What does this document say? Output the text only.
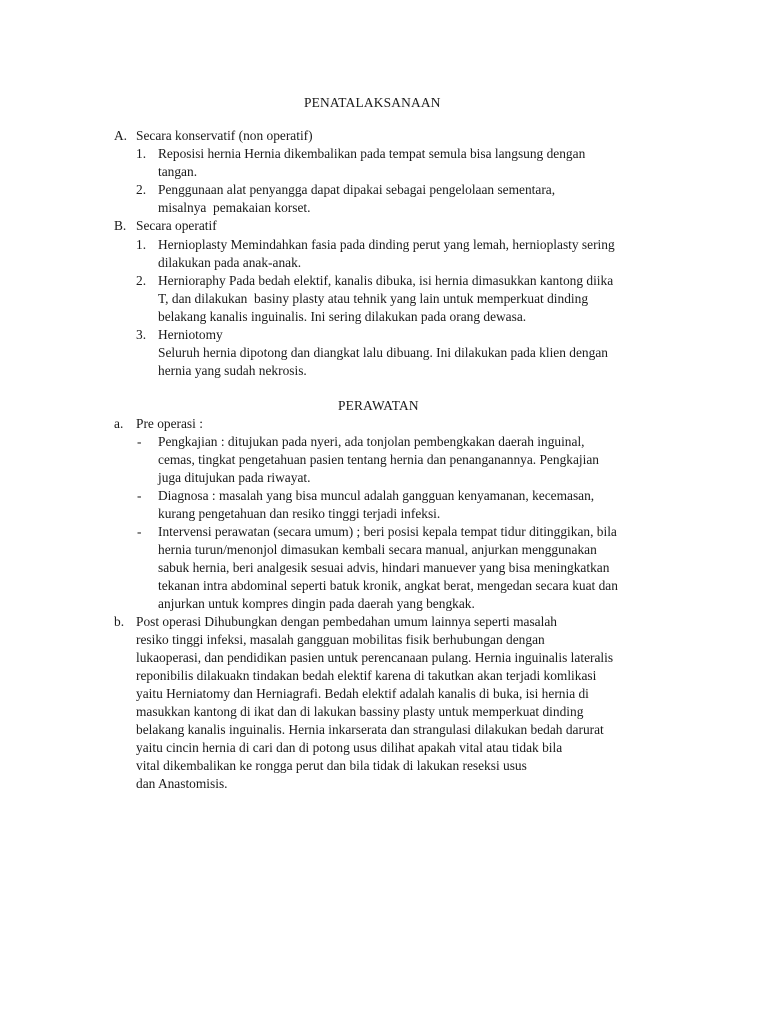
PENATALAKSANAAN
A. Secara konservatif (non operatif)
1. Reposisi hernia Hernia dikembalikan pada tempat semula bisa langsung dengan
tangan.
2. Penggunaan alat penyangga dapat dipakai sebagai pengelolaan sementara,
misalnya  pemakaian korset.
B. Secara operatif
1. Hernioplasty Memindahkan fasia pada dinding perut yang lemah, hernioplasty sering
dilakukan pada anak-anak.
2. Hernioraphy Pada bedah elektif, kanalis dibuka, isi hernia dimasukkan kantong diika
T, dan dilakukan  basiny plasty atau tehnik yang lain untuk memperkuat dinding
belakang kanalis inguinalis. Ini sering dilakukan pada orang dewasa.
3. Herniotomy
Seluruh hernia dipotong dan diangkat lalu dibuang. Ini dilakukan pada klien dengan
hernia yang sudah nekrosis.
PERAWATAN
a. Pre operasi :
- Pengkajian : ditujukan pada nyeri, ada tonjolan pembengkakan daerah inguinal,
cemas, tingkat pengetahuan pasien tentang hernia dan penanganannya. Pengkajian
juga ditujukan pada riwayat.
- Diagnosa : masalah yang bisa muncul adalah gangguan kenyamanan, kecemasan,
kurang pengetahuan dan resiko tinggi terjadi infeksi.
- Intervensi perawatan (secara umum) ; beri posisi kepala tempat tidur ditinggikan, bila
hernia turun/menonjol dimasukan kembali secara manual, anjurkan menggunakan
sabuk hernia, beri analgesik sesuai advis, hindari manuever yang bisa meningkatkan
tekanan intra abdominal seperti batuk kronik, angkat berat, mengedan secara kuat dan
anjurkan untuk kompres dingin pada daerah yang bengkak.
b. Post operasi Dihubungkan dengan pembedahan umum lainnya seperti masalah
resiko tinggi infeksi, masalah gangguan mobilitas fisik berhubungan dengan
lukaoperasi, dan pendidikan pasien untuk perencanaan pulang. Hernia inguinalis lateralis
reponibilis dilakuakn tindakan bedah elektif karena di takutkan akan terjadi komlikasi
yaitu Herniatomy dan Herniagrafi. Bedah elektif adalah kanalis di buka, isi hernia di
masukkan kantong di ikat dan di lakukan bassiny plasty untuk memperkuat dinding
belakang kanalis inguinalis. Hernia inkarserata dan strangulasi dilakukan bedah darurat
yaitu cincin hernia di cari dan di potong usus dilihat apakah vital atau tidak bila
vital dikembalikan ke rongga perut dan bila tidak di lakukan reseksi usus
dan Anastomisis.
